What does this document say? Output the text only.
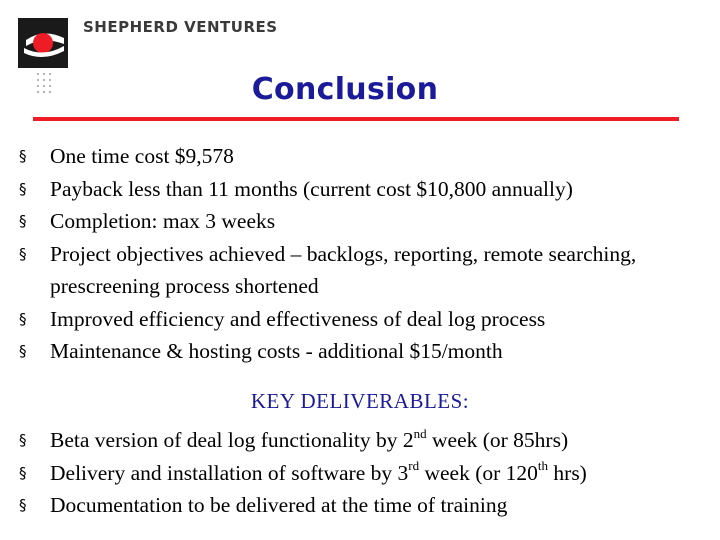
SHEPHERD VENTURES
Conclusion
§ One time cost $9,578
§ Payback less than 11 months (current cost $10,800 annually)
§ Completion: max 3 weeks
§ Project objectives achieved – backlogs, reporting, remote searching, prescreening process shortened
§ Improved efficiency and effectiveness of deal log process
§ Maintenance & hosting costs - additional $15/month
KEY DELIVERABLES:
§ Beta version of deal log functionality by 2nd week (or 85hrs)
§ Delivery and installation of software by 3rd week (or 120th hrs)
§ Documentation to be delivered at the time of training
